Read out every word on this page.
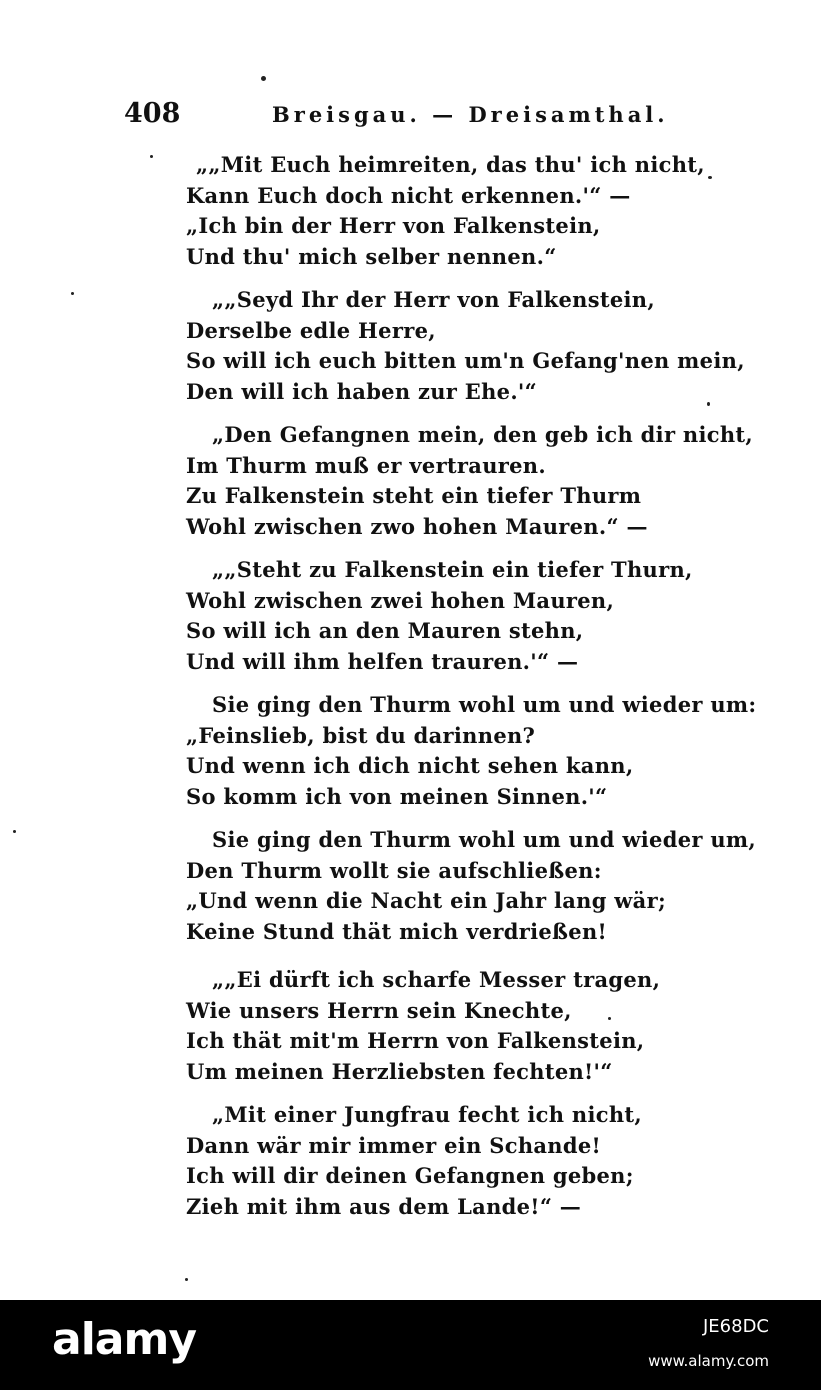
408	Breisgau. — Dreisamthal.
„„Mit Euch heimreiten, das thu' ich nicht,
Kann Euch doch nicht erkennen.'“ —
„Ich bin der Herr von Falkenstein,
Und thu' mich selber nennen.“
„„Seyd Ihr der Herr von Falkenstein,
Derselbe edle Herre,
So will ich euch bitten um'n Gefang'nen mein,
Den will ich haben zur Ehe.'“
„Den Gefangnen mein, den geb ich dir nicht,
Im Thurm muß er vertrauren.
Zu Falkenstein steht ein tiefer Thurm
Wohl zwischen zwo hohen Mauren.“ —
„„Steht zu Falkenstein ein tiefer Thurn,
Wohl zwischen zwei hohen Mauren,
So will ich an den Mauren stehn,
Und will ihm helfen trauren.'“ —
Sie ging den Thurm wohl um und wieder um:
„Feinslieb, bist du darinnen?
Und wenn ich dich nicht sehen kann,
So komm ich von meinen Sinnen.'“
Sie ging den Thurm wohl um und wieder um,
Den Thurm wollt sie aufschließen:
„Und wenn die Nacht ein Jahr lang wär;
Keine Stund thät mich verdrießen!
„„Ei dürft ich scharfe Messer tragen,
Wie unsers Herrn sein Knechte,
Ich thät mit'm Herrn von Falkenstein,
Um meinen Herzliebsten fechten!'“
„Mit einer Jungfrau fecht ich nicht,
Dann wär mir immer ein Schande!
Ich will dir deinen Gefangnen geben;
Zieh mit ihm aus dem Lande!“ —
alamy	JE68DC
www.alamy.com
